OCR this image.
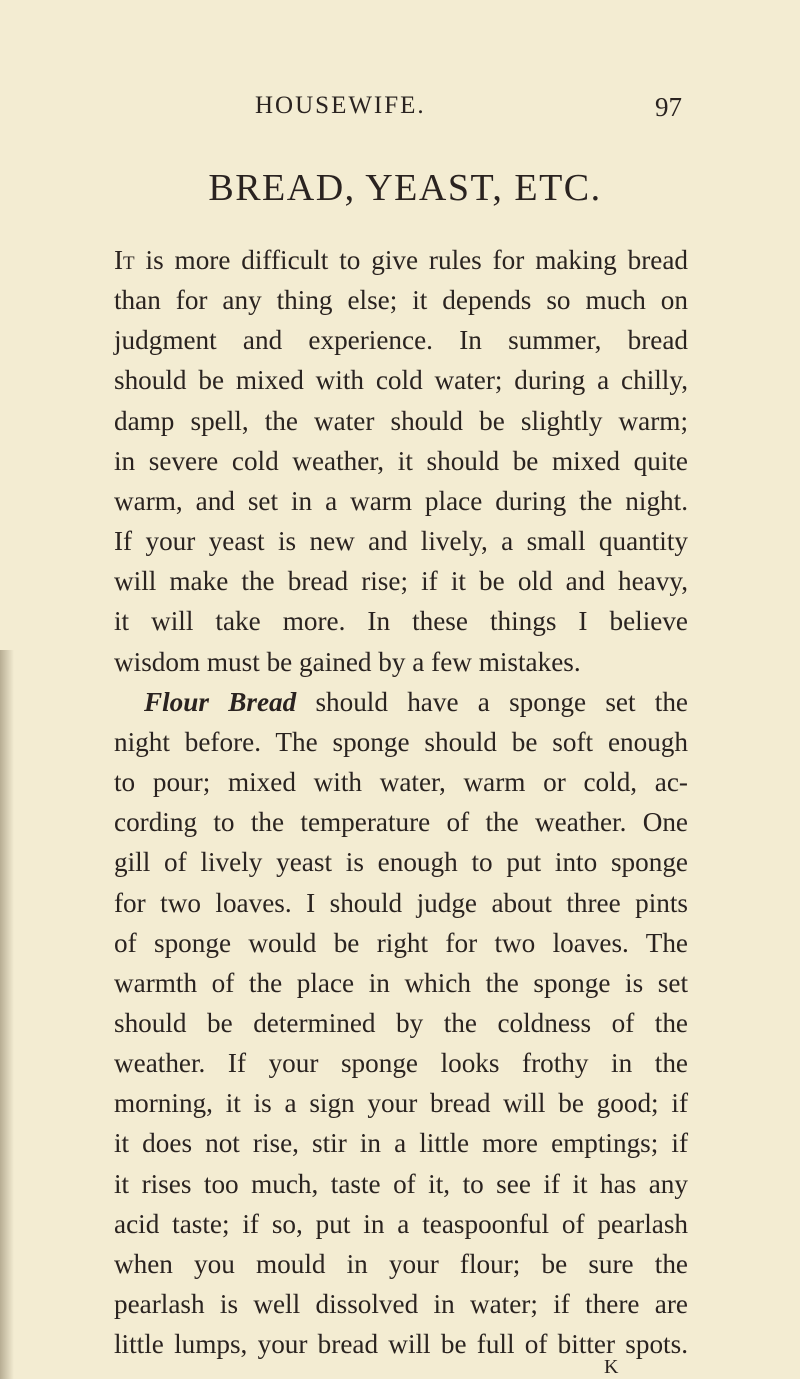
HOUSEWIFE.	97
BREAD, YEAST, ETC.
It is more difficult to give rules for making bread
than for any thing else; it depends so much on
judgment and experience. In summer, bread
should be mixed with cold water; during a chilly,
damp spell, the water should be slightly warm;
in severe cold weather, it should be mixed quite
warm, and set in a warm place during the night.
If your yeast is new and lively, a small quantity
will make the bread rise; if it be old and heavy,
it will take more. In these things I believe
wisdom must be gained by a few mistakes.
Flour Bread should have a sponge set the
night before. The sponge should be soft enough
to pour; mixed with water, warm or cold, ac-
cording to the temperature of the weather. One
gill of lively yeast is enough to put into sponge
for two loaves. I should judge about three pints
of sponge would be right for two loaves. The
warmth of the place in which the sponge is set
should be determined by the coldness of the
weather. If your sponge looks frothy in the
morning, it is a sign your bread will be good; if
it does not rise, stir in a little more emptings; if
it rises too much, taste of it, to see if it has any
acid taste; if so, put in a teaspoonful of pearlash
when you mould in your flour; be sure the
pearlash is well dissolved in water; if there are
little lumps, your bread will be full of bitter spots.
K
